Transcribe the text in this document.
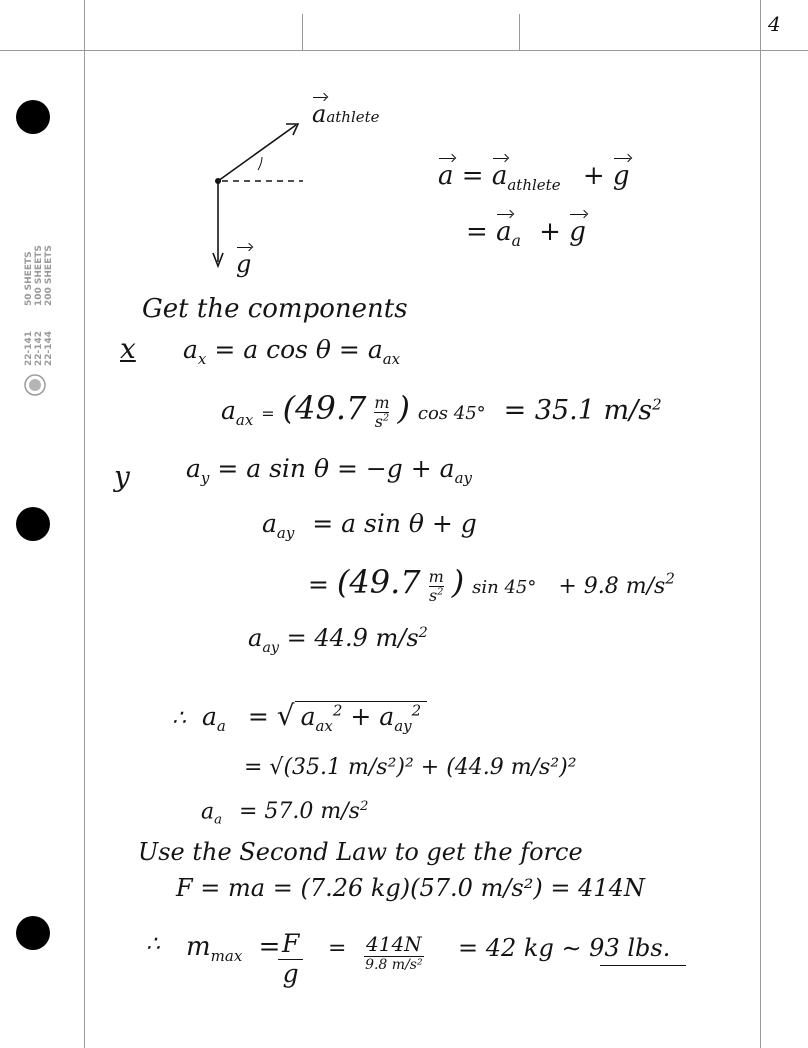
4
22-141 22-142 22-144
50 SHEETS 100 SHEETS 200 SHEETS
aathlete
g
$a = a_{athlete} + g$
= $a_a + g$
Get the components
x $a_x = a$ $\cos \theta = a_{ax}$
$a_{ax} = (49.7$ m
$s^2$ ) cos 45° = 35.1 $m/s^2$
y $a_y = a$ $\sin \theta = -g + a_{ay}$
$a_{ay} = a$ sin θ + g
= (49.7 m
$s^2$ ) sin 45° + 9.8 $m/s^2$
$a_{ay} = 44.9$ $m/s^2$
∴ $a_a$ = √ $a_{ax}^2 + a_{ay}^2$
= √(35.1 m/s²)² + (44.9 m/s²)²
$a_a = 57.0$ $m/s^2$
Use the Second Law to get the force
F = ma = (7.26 kg)(57.0 m/s²) = 414N
∴ $m_{max} = F$
g
= 414N
9.8 m/s²
= 42 kg ∼ 93 lbs.
